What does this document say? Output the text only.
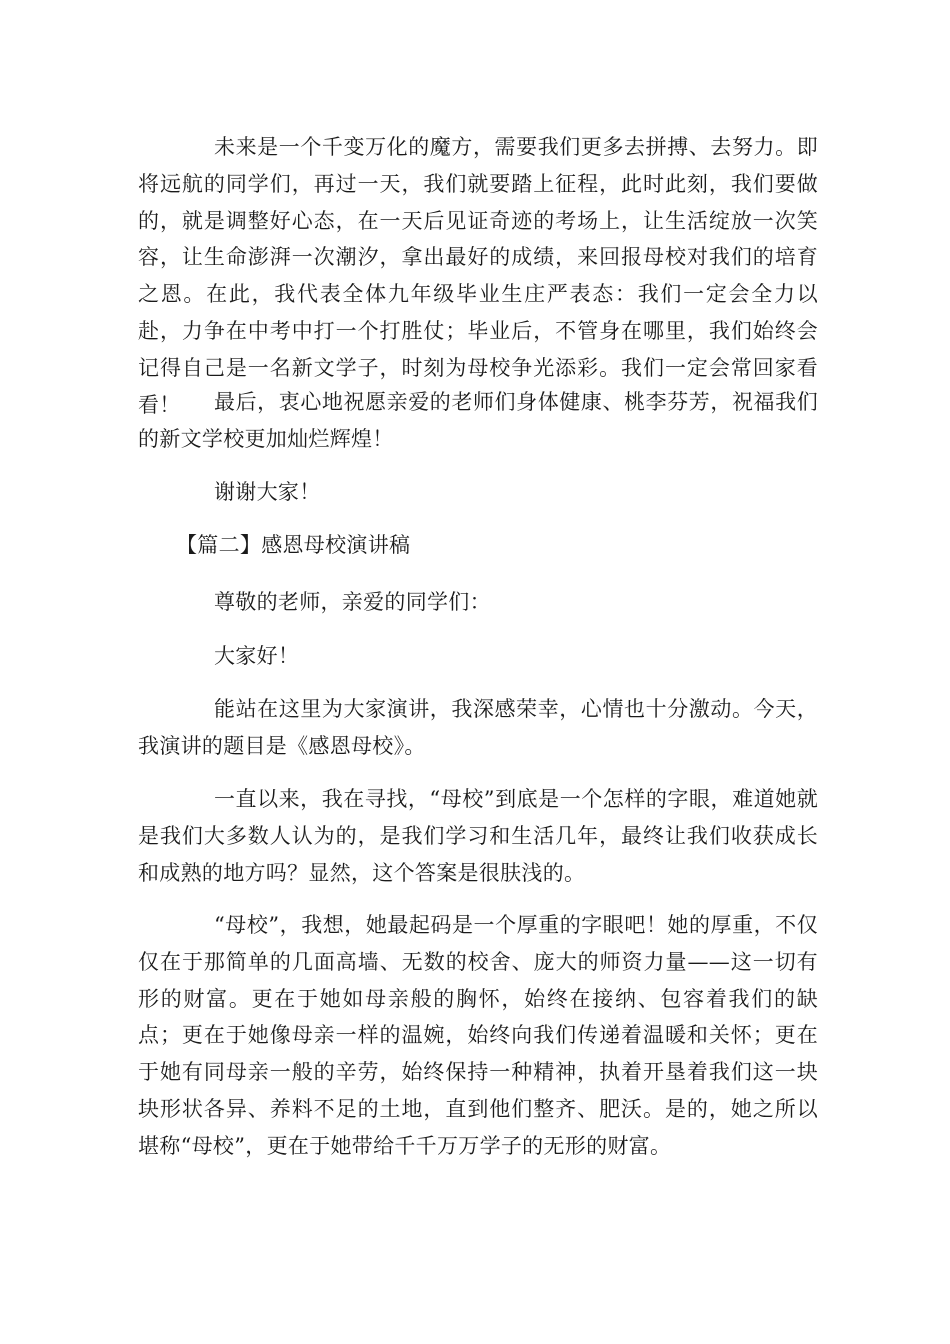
未来是一个千变万化的魔方，需要我们更多去拼搏、去努力。即将远航的同学们，再过一天，我们就要踏上征程，此时此刻，我们要做的，就是调整好心态，在一天后见证奇迹的考场上，让生活绽放一次笑容，让生命澎湃一次潮汐，拿出最好的成绩，来回报母校对我们的培育之恩。在此，我代表全体九年级毕业生庄严表态：我们一定会全力以赴，力争在中考中打一个打胜仗；毕业后，不管身在哪里，我们始终会记得自己是一名新文学子，时刻为母校争光添彩。我们一定会常回家看看！	最后，衷心地祝愿亲爱的老师们身体健康、桃李芬芳，祝福我们的新文学校更加灿烂辉煌！

谢谢大家！

【篇二】感恩母校演讲稿

尊敬的老师，亲爱的同学们：

大家好！

能站在这里为大家演讲，我深感荣幸，心情也十分激动。今天，我演讲的题目是《感恩母校》。

一直以来，我在寻找，“母校”到底是一个怎样的字眼，难道她就是我们大多数人认为的，是我们学习和生活几年，最终让我们收获成长和成熟的地方吗？显然，这个答案是很肤浅的。

“母校”，我想，她最起码是一个厚重的字眼吧！她的厚重，不仅仅在于那简单的几面高墙、无数的校舍、庞大的师资力量——这一切有形的财富。更在于她如母亲般的胸怀，始终在接纳、包容着我们的缺点；更在于她像母亲一样的温婉，始终向我们传递着温暖和关怀；更在于她有同母亲一般的辛劳，始终保持一种精神，执着开垦着我们这一块块形状各异、养料不足的土地，直到他们整齐、肥沃。是的，她之所以堪称“母校”，更在于她带给千千万万学子的无形的财富。
